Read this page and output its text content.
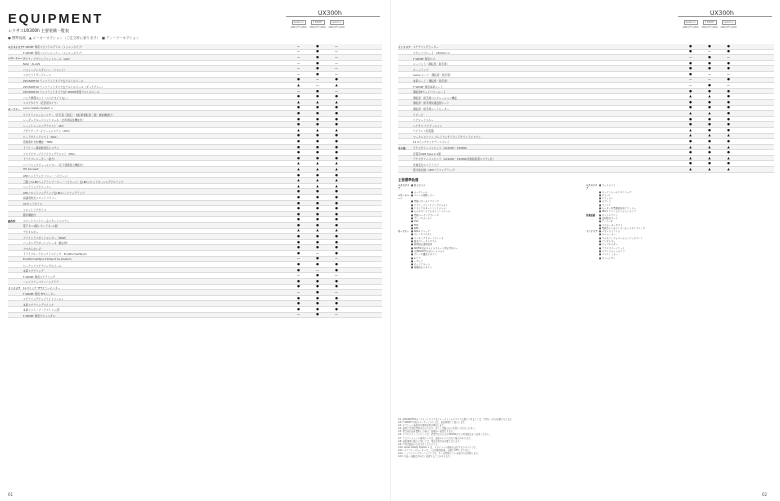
EQUIPMENT
レクサスUX300h 主要装備一覧表
● 標準装備　▲ メーカーオプション（ご注文時に承ります）　■ ディーラーオプション
UX300h
version C
2WD (FF) AWD
F SPORT
2WD (FF) AWD
version L
2WD (FF) AWD
エクステリア F SPORT 専用スピンドルグリル（メッシュタイプ）	—	●	—
F SPORT 専用バンパーコーナー（メッシュタイプ）	—	●	—
パワートレーン
アクティブサウンドコントロール（ASC）	—	●	—
NAVI・AI-AVS	—	●	—
パフォーマンスダンパー（フロント）	—	●	—
スタビライザーブレース	—	●	—
225/50RF18 ランフラットタイヤ＆アルミホイール	●	—	●
225/50RF18 ランフラットタイヤ＆アルミホイール（ダークグレー）	▲	—	▲
225/50RF18 ランフラットタイヤ＆F SPORT専用アルミホイール	—	●	—
パンク修理キット（スペアタイヤなし）	●	●	●
スペアタイヤ（応急用タイヤ）	▲	▲	▲
セーフティ	Lexus Safety System +	●	●	●
プリクラッシュセーフティ（歩行者［昼夜］・自転車運転者［昼］検知機能付）	●	●	●
レーダークルーズコントロール（全車速追従機能付）	●	●	●
レーントレーシングアシスト（LTA）	●	●	●
アダプティブハイビームシステム（AHS）	▲	▲	▲
ロードサインアシスト（RSA）	●	●	●
発進遅れ告知機能（TMN）	●	●	●
ドライバー異常時対応システム	●	●	●
プロアクティブドライビングアシスト（PDA）	●	●	●
ドライブレコーダー（前方）	●	●	●
パノラミックビューモニター（床下透過表示機能付）	▲	▲	▲
ITS Connect	▲	▲	▲
LEDヘッドランプ（ロー・ハイビーム）	●	●	●
三眼フルLEDヘッドランプ（ロー・ハイビーム）＆LEDフロントターンシグナルランプ	▲	▲	▲
ヘッドランプクリーナー	▲	▲	▲
LEDフロントフォグランプ＆LEDコーナリングランプ	●	●	●
雨滴感知式フロントワイパー	●	●	●
UVカットガラス	●	●	●
フロントドアガラス	●	●	●
撥水機能付	●	●	●
操作性	スマートエントリー＆スタートシステム	●	●	●
電子キー2個＋カードキー1個	●	●	●
デジタルキー	▲	▲	▲
ブラインドスポットモニター［BSM］	●	●	●
パーキングサポートブレーキ（静止物）	●	●	●
ぶつからないぞ	●	●	●
ドライブモードセレクトスイッチ　Eco/Normal/Sport	●	—	●
Eco/Normal/Sport S/Sport S+/Custom	—	●	—
ヒーテッドステアリングホイール	●	●	●
本革ステアリング	●	—	●
F SPORT 専用ステアリング	—	●	—
ハンズフリーパワーバックドア	●	●	●
インテリア 12.3インチ TFTカラーモニター	●	●	●
F SPORT 専用 TFTメーター	—	●	—
ステアリングアップライトフィルム	●	●	●
本革ステアリングスイッチ	●	●	●
本革シフトノブ（ドアトリム部）	●	●	●
F SPORT 専用アルミペダル	—	●	—
61
UX300h
version C
2WD (FF) AWD
F SPORT
2WD (FF) AWD
version L
2WD (FF) AWD
インテリア ステアリングヒーター	●	●	●
スカッフプレート　LEXUSロゴ	●	—	●
F SPORT 専用ロゴ	—	●	—
ニーパッド（運転席・助手席）	●	●	●
ルームランプ	●	●	●
Lexus シート（運転席・助手席）	●	—	—
本革シート（運転席・助手席）	—	—	●
F SPORT 専用本革シート	—	●	—
運転席8ウェイパワーシート	●	●	●
運転席・助手席ベンチレーション機能	▲	▲	●
運転席・助手席快適温熱シート	●	●	●
運転席・助手席シートヒーター	●	●	●
ラゲージ	▲	▲	●
リアシートスルー	●	●	●
レクサス ナビゲーション	●	●	●
ワイヤレス充電器	▲	●	●
マークレビンソン プレミアムサラウンドサウンドシステム	▲	▲	▲
12.3インチタッチディスプレイ	●	●	●
その他	アクセサリーコンセント（AC100V・1500W）	▲	▲	▲
充電用USB Type-C 2個	●	●	●
アクセサリーコンセント（AC100V・1500W/非常時給電システム付）	▲	▲	▲
先進安全エコドライブ	●	●	●
寒冷地仕様（LEDリアフォグランプ）	▲	▲	▲
主要標準装備
エクステリア
■ 撥水ガラス
■ ルーフレール
パワートレーン
■ リバース連動ミラー
■ 電動パワーステアリング
■ アクティブコーナリングアシスト
■ ドライブスタートコントロール
■ ヒルスタートアシストコントロール
■ 電動パーキングブレーキ
■ ブレーキホールド
■ VSC
■ TRC
■ ABS
セーフティ ■ SRSエアバッグ
■ ブレーキアシスト
■ パーキングサポートブレーキ
■ 緊急ブレーキシグナル
■ 車両接近通報装置
■ ISOFIX対応チャイルドシート固定専用バー
■ 全席ELR付3点式シートベルト
■ ブレーキ優先システム
■ e-ケア
■ ハザード
■ オートアラーム
■ 盗難防止システム
エクステリア
■ フットライト
■ カーテンシールドエアバッグ
■ ワイパー
■ ドアミラー
■ ラゲージ
■ アンテナ
■ ヒーター付電動格納式ドアミラー
■ LEDリアコンビネーションランプ
快適装備	■ オートエアコン
■ 花粉除去モード
■ ナノイーX
■ リヤヒーターダクト
■ 電動チルト＆テレスコピックステアリング
インテリア ■ パワーウインドゥ
■ ルームミラー
■ マルチインフォメーションディスプレイ
■ デジタルキー
■ カップホルダー
■ アクセサリーソケット
■ ラゲージルームランプ
■ バニティミラー
■ サンバイザー
※1. 205/45RF18ランフラットタイヤ＆アルミホイールのタイヤ交換につきましては、専用の工具が必要になります。
※2. F SPORT 専用のメーターについては、液晶画面にて表示します。
※3. オプション装着時は車両重量が増加します。
※4. 装着には別途費用がかかります。詳しくは販売店にお問い合わせください。
※5. 寒冷地仕様を選択した場合、装備が一部異なります。
※6. アクセサリーコンセントは、消費電力の合計が1500W以下の電気製品をご使用ください。
※7. ナビゲーションの地図データは、最新のものではない場合があります。
※8. 装着車両の販売に関しては、別途手続きが必要となります。
※9. 写真は撮影のため点灯したものです。
※10. Lexus Safety System + は、ドライバーの運転を支援するシステムです。
※11. ステアリングヒーターは、一定時間経過後、自動でOFFになります。
※12. ハンズフリーパワーバックドアは、キーを携帯している場合のみ作動します。
※13. 仕様・装備は予告なく変更することがあります。
62
